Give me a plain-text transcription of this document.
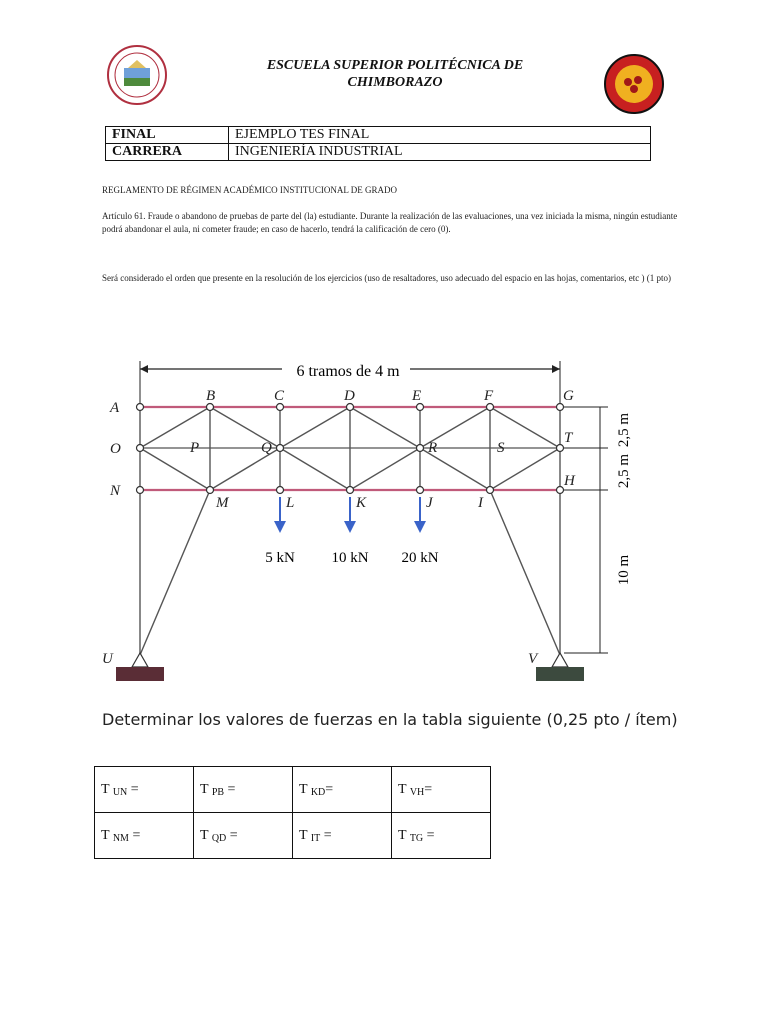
ESCUELA SUPERIOR POLITÉCNICA DE
CHIMBORAZO
FINAL	EJEMPLO TES FINAL
CARRERA	INGENIERÍA INDUSTRIAL
REGLAMENTO DE RÉGIMEN ACADÉMICO INSTITUCIONAL DE GRADO
Artículo 61. Fraude o abandono de pruebas de parte del (la) estudiante. Durante la realización de las evaluaciones, una vez iniciada la misma, ningún estudiante podrá abandonar el aula, ni cometer fraude; en caso de hacerlo, tendrá la calificación de cero (0).
Será considerado el orden que presente en la resolución de los ejercicios (uso de resaltadores, uso adecuado del espacio en las hojas, comentarios, etc ) (1 pto)
6 tramos de 4 m
5 kN 10 kN 20 kN
2,5 m
2,5 m
10 m
A
B	C	D	E	F	G
O	P	Q	R	S
T
N
M	L	K	J	I
H
U	V
Determinar los valores de fuerzas en la tabla siguiente (0,25 pto / ítem)
T $_{UN}$ =	T $_{PB}$ =	T $_{KD}$=	T $_{VH}$=
T $_{NM}$ =	T $_{QD}$ =	T $_{IT}$ =	T $_{TG}$ =
